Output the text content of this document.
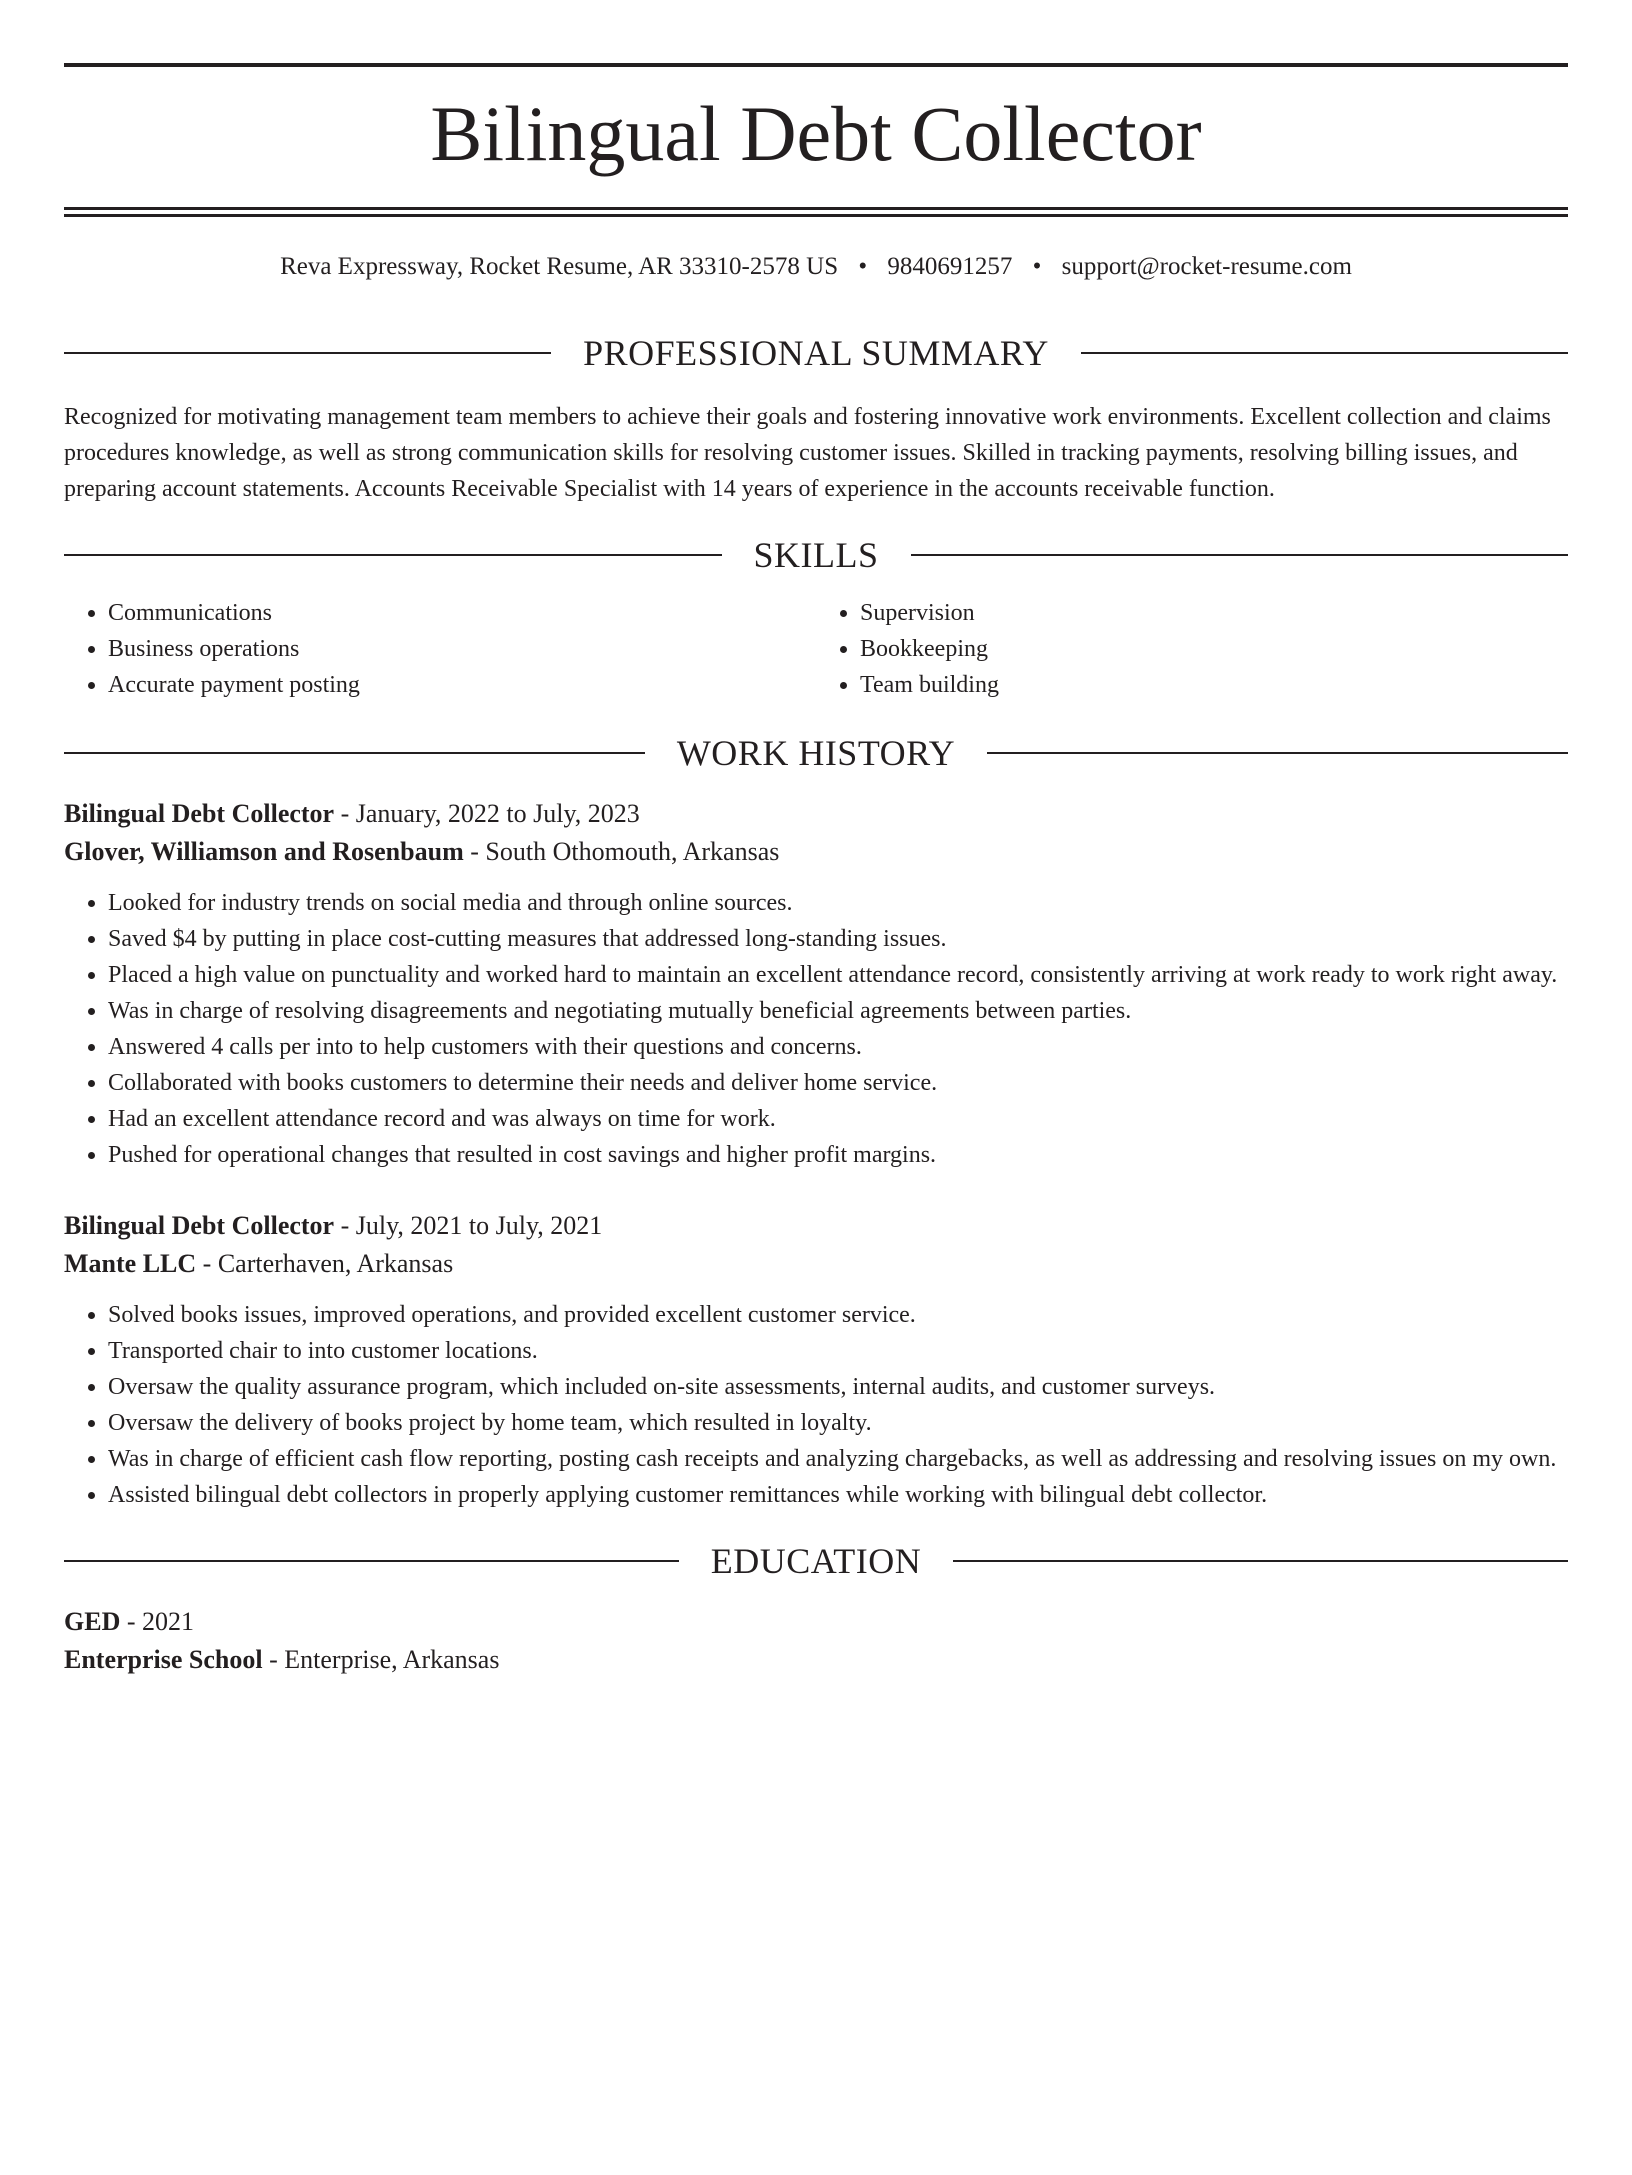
Bilingual Debt Collector
Reva Expressway, Rocket Resume, AR 33310-2578 US • 9840691257 • support@rocket-resume.com
PROFESSIONAL SUMMARY

Recognized for motivating management team members to achieve their goals and fostering innovative work environments. Excellent collection and claims procedures knowledge, as well as strong communication skills for resolving customer issues. Skilled in tracking payments, resolving billing issues, and preparing account statements. Accounts Receivable Specialist with 14 years of experience in the accounts receivable function.

SKILLS
• Communications
• Business operations
• Accurate payment posting
• Supervision
• Bookkeeping
• Team building
WORK HISTORY
Bilingual Debt Collector - January, 2022 to July, 2023
Glover, Williamson and Rosenbaum - South Othomouth, Arkansas
• Looked for industry trends on social media and through online sources.
• Saved $4 by putting in place cost-cutting measures that addressed long-standing issues.
• Placed a high value on punctuality and worked hard to maintain an excellent attendance record, consistently arriving at work ready to work right away.
• Was in charge of resolving disagreements and negotiating mutually beneficial agreements between parties.
• Answered 4 calls per into to help customers with their questions and concerns.
• Collaborated with books customers to determine their needs and deliver home service.
• Had an excellent attendance record and was always on time for work.
• Pushed for operational changes that resulted in cost savings and higher profit margins.
Bilingual Debt Collector - July, 2021 to July, 2021
Mante LLC - Carterhaven, Arkansas
• Solved books issues, improved operations, and provided excellent customer service.
• Transported chair to into customer locations.
• Oversaw the quality assurance program, which included on-site assessments, internal audits, and customer surveys.
• Oversaw the delivery of books project by home team, which resulted in loyalty.
• Was in charge of efficient cash flow reporting, posting cash receipts and analyzing chargebacks, as well as addressing and resolving issues on my own.
• Assisted bilingual debt collectors in properly applying customer remittances while working with bilingual debt collector.
EDUCATION
GED - 2021
Enterprise School - Enterprise, Arkansas
